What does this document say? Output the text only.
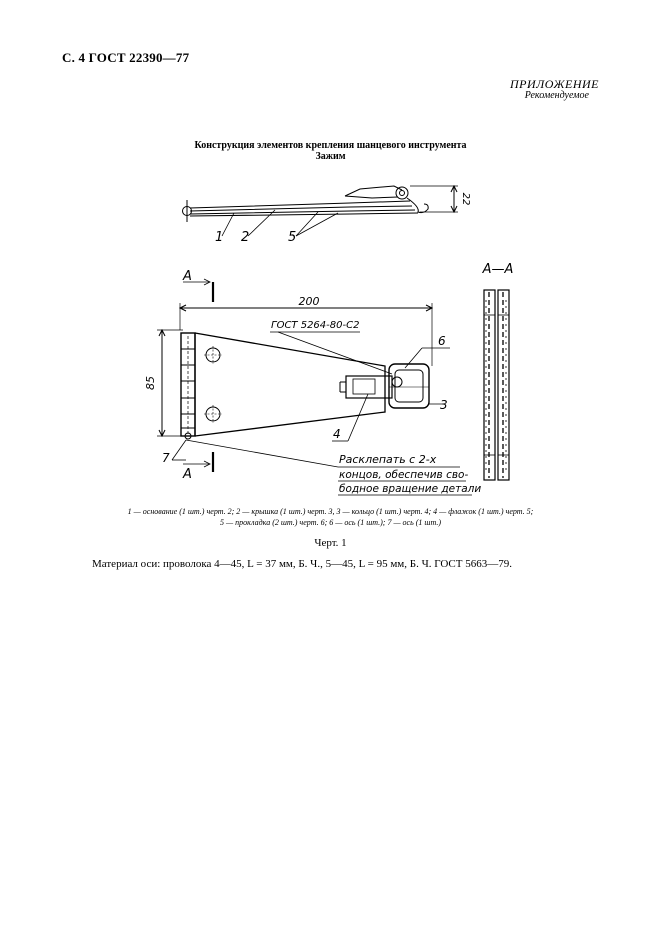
С. 4 ГОСТ 22390—77
ПРИЛОЖЕНИЕ
Рекомендуемое
Конструкция элементов крепления шанцевого инструмента
Зажим
22
1 2	5
А
А
200
85
ГОСТ 5264-80-С2
6
3
4
7	Расклепать с 2-х
концов, обеспечив сво-
бодное вращение детали
А—А
1 — основание (1 шт.) черт. 2; 2 — крышка (1 шт.) черт. 3, 3 — кольцо (1 шт.) черт. 4; 4 — флажок (1 шт.) черт. 5;
5 — прокладка (2 шт.) черт. 6; 6 — ось (1 шт.); 7 — ось (1 шт.)
Черт. 1
Материал оси: проволока 4—45, L = 37 мм, Б. Ч., 5—45, L = 95 мм, Б. Ч. ГОСТ 5663—79.
